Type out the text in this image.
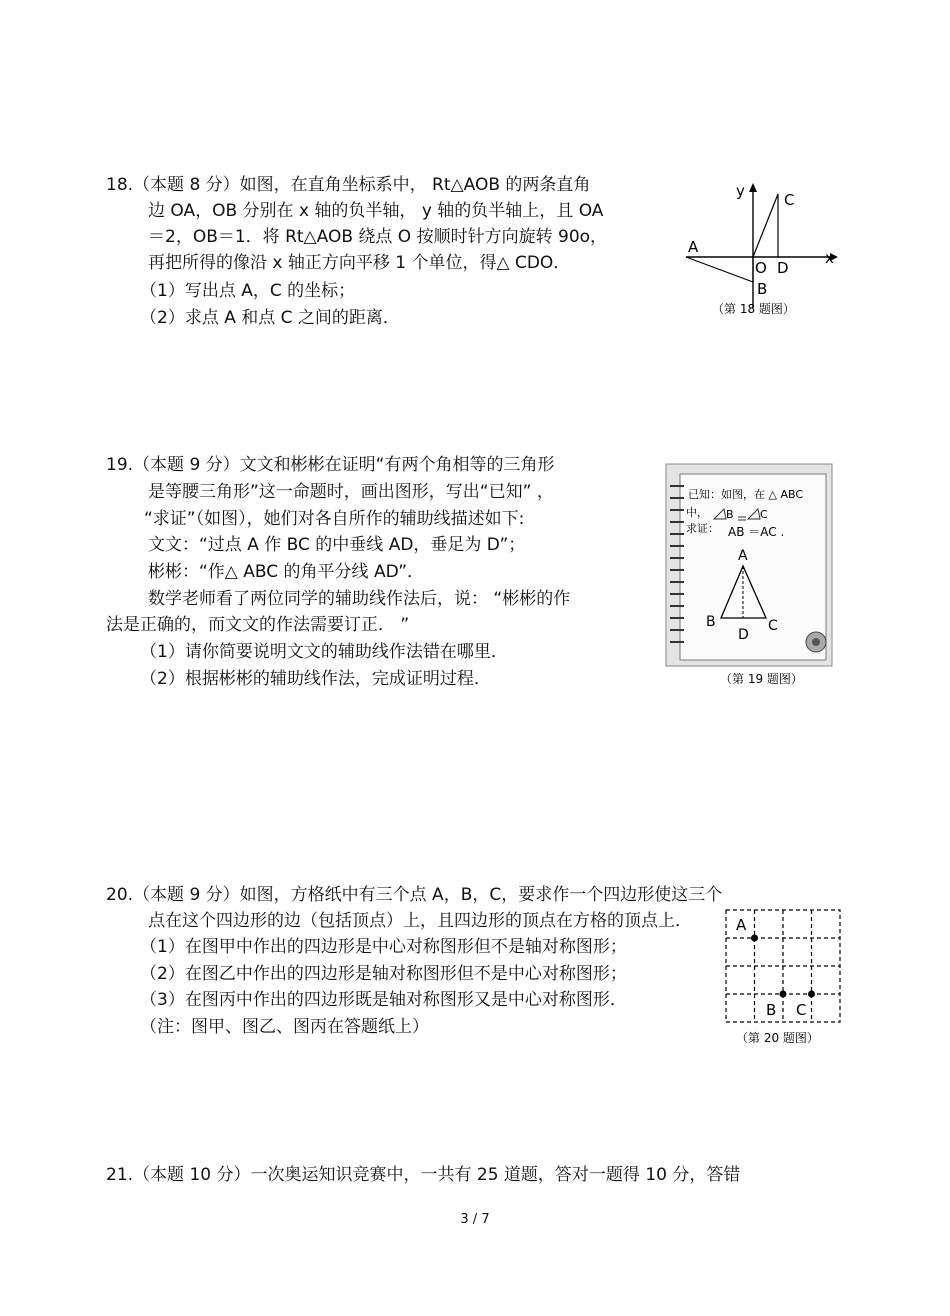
18.（本题 8 分）如图，在直角坐标系中， Rt△AOB 的两条直角
边 OA，OB 分别在 x 轴的负半轴， y 轴的负半轴上，且 OA
＝2，OB＝1．将 Rt△AOB 绕点 O 按顺时针方向旋转 90o，
再把所得的像沿 x 轴正方向平移 1 个单位，得△ CDO．
（1）写出点 A，C 的坐标；
（2）求点 A 和点 C 之间的距离．
y	C
A
x
O D
B
（第 18 题图）
19.（本题 9 分）文文和彬彬在证明“有两个角相等的三角形
是等腰三角形”这一命题时，画出图形，写出“已知” ，
“求证”（如图），她们对各自所作的辅助线描述如下:
文文：“过点 A 作 BC 的中垂线 AD，垂足为 D”；
彬彬：“作△ ABC 的角平分线 AD”．
数学老师看了两位同学的辅助线作法后，说： “彬彬的作
法是正确的，而文文的作法需要订正． ”
（1）请你简要说明文文的辅助线作法错在哪里．
（2）根据彬彬的辅助线作法，完成证明过程．
已知：如图，在 △ ABC
中， B C
求证： AB ＝AC .
A
B	C
D
（第 19 题图）
20.（本题 9 分）如图，方格纸中有三个点 A，B，C，要求作一个四边形使这三个
点在这个四边形的边（包括顶点）上，且四边形的顶点在方格的顶点上．
（1）在图甲中作出的四边形是中心对称图形但不是轴对称图形；
（2）在图乙中作出的四边形是轴对称图形但不是中心对称图形；
（3）在图丙中作出的四边形既是轴对称图形又是中心对称图形．
（注：图甲、图乙、图丙在答题纸上）
A
B C
（第 20 题图）
21.（本题 10 分）一次奥运知识竞赛中，一共有 25 道题，答对一题得 10 分，答错
3 / 7
